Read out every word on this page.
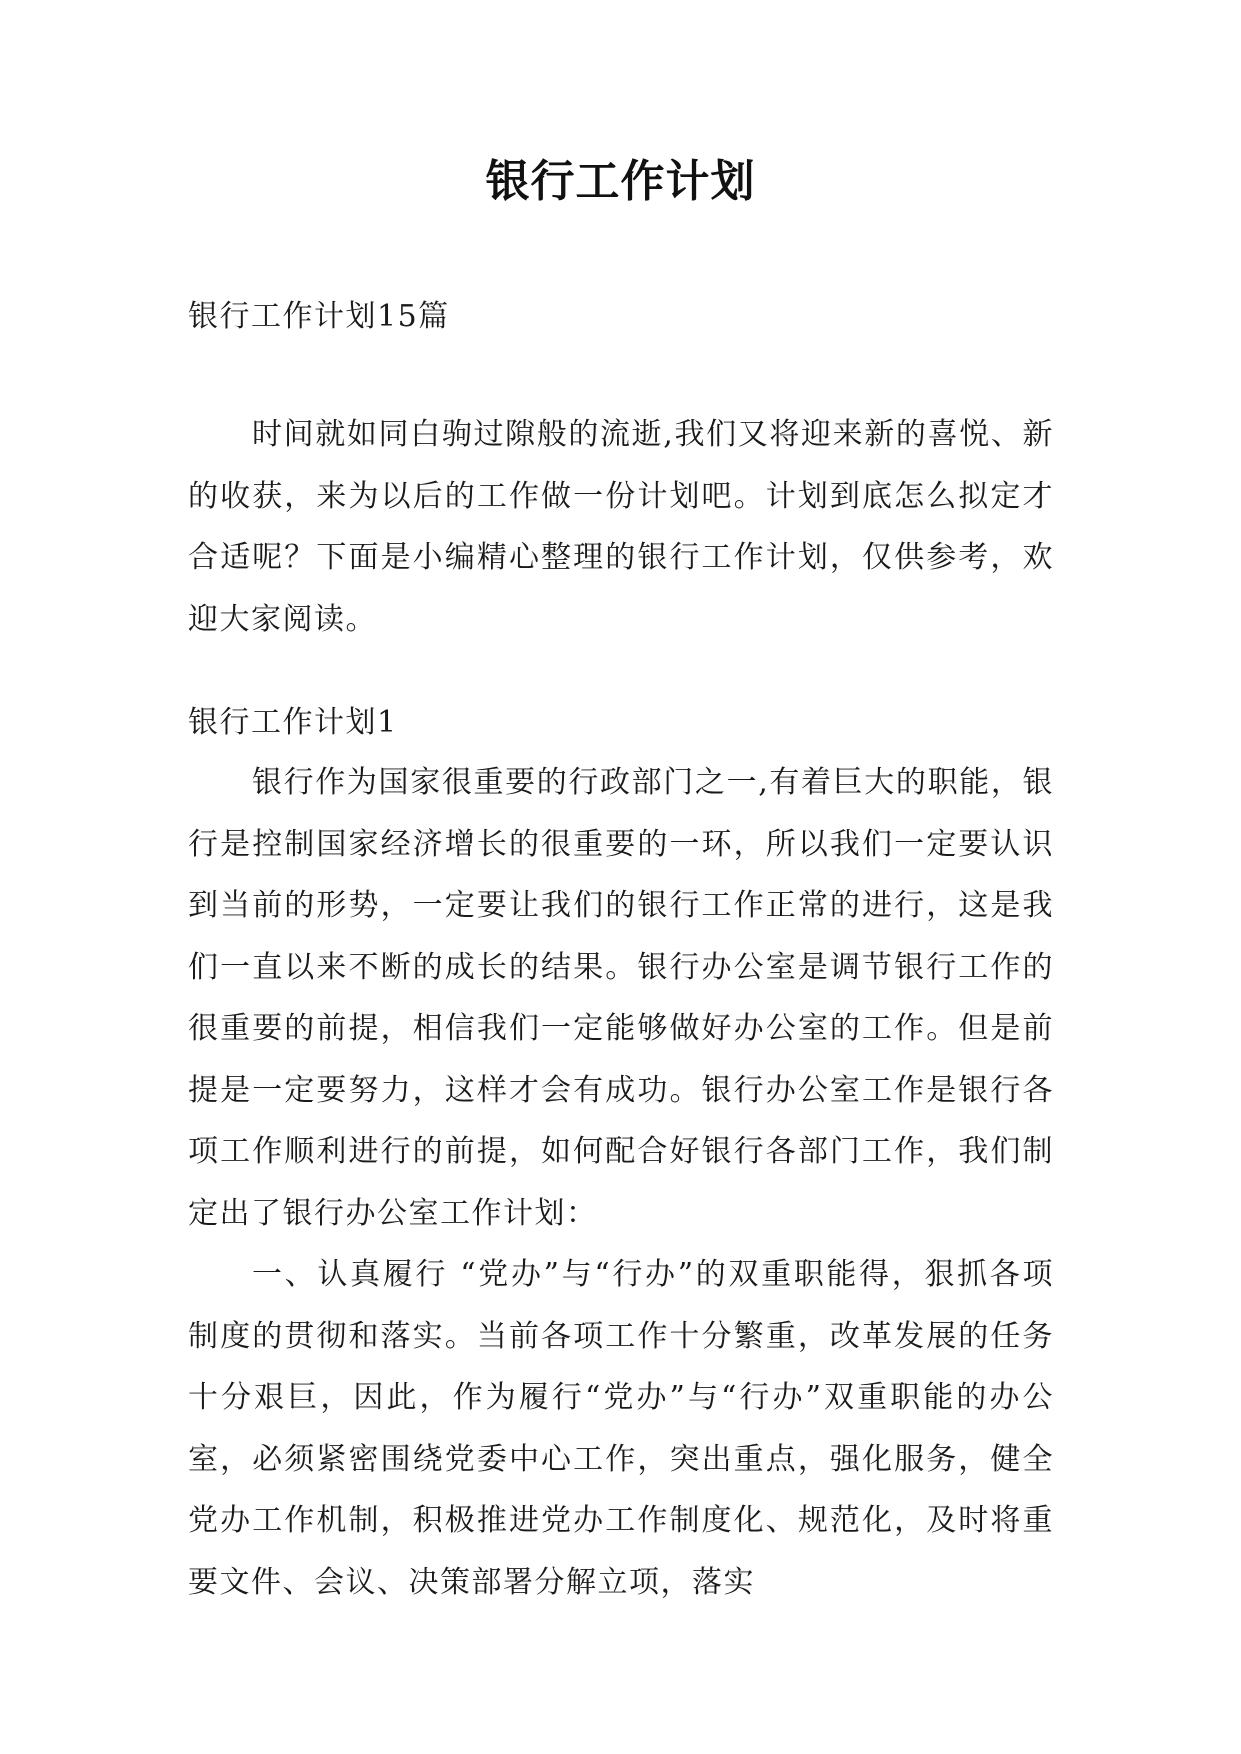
银行工作计划

银行工作计划15篇

时间就如同白驹过隙般的流逝,我们又将迎来新的喜悦、新的收获，来为以后的工作做一份计划吧。计划到底怎么拟定才合适呢？下面是小编精心整理的银行工作计划，仅供参考，欢迎大家阅读。

银行工作计划1

银行作为国家很重要的行政部门之一,有着巨大的职能，银行是控制国家经济增长的很重要的一环，所以我们一定要认识到当前的形势，一定要让我们的银行工作正常的进行，这是我们一直以来不断的成长的结果。银行办公室是调节银行工作的很重要的前提，相信我们一定能够做好办公室的工作。但是前提是一定要努力，这样才会有成功。银行办公室工作是银行各项工作顺利进行的前提，如何配合好银行各部门工作，我们制定出了银行办公室工作计划：

一、认真履行 “党办”与“行办”的双重职能得，狠抓各项制度的贯彻和落实。当前各项工作十分繁重，改革发展的任务十分艰巨，因此，作为履行“党办”与“行办”双重职能的办公室，必须紧密围绕党委中心工作，突出重点，强化服务，健全党办工作机制，积极推进党办工作制度化、规范化，及时将重要文件、会议、决策部署分解立项，落实
